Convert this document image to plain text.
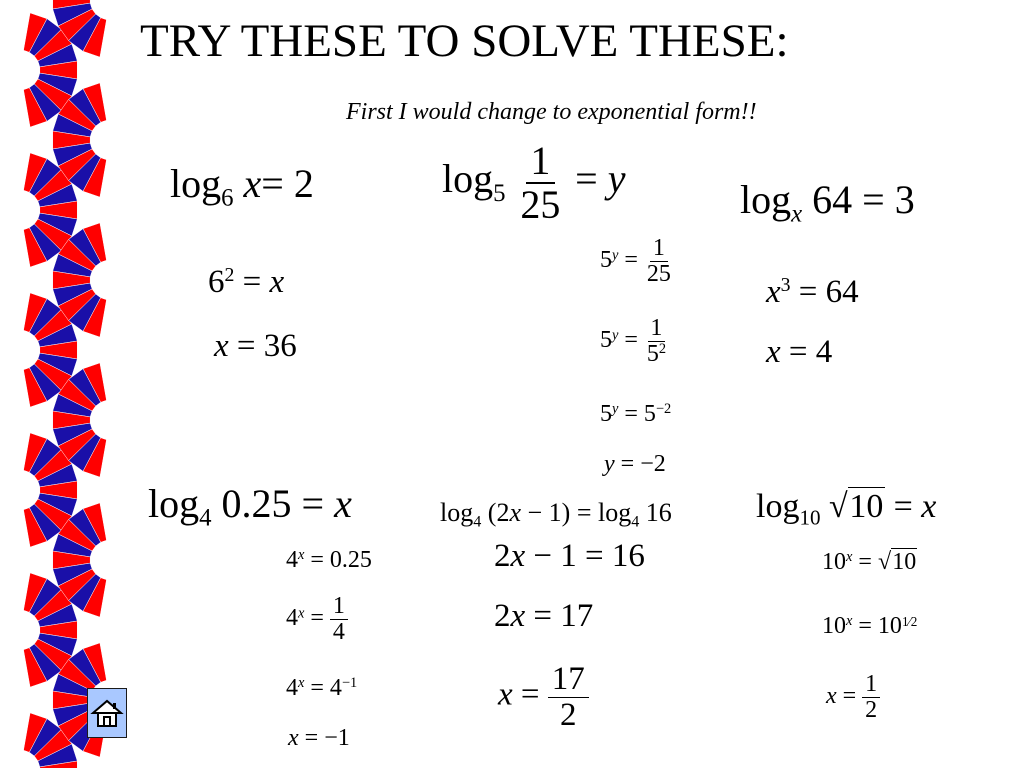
TRY THESE TO SOLVE THESE:
First I would change to exponential form!!
$\log_6 x= 2$
$6^2 = x$
x = 36
$\log_5 \frac{1}{25} = y$
$5^y = \frac{1}{25}$
$5^y = \frac{1}{5^2}$
$5^y = 5^{-2}$
y = −2
$\log_x 64 = 3$
$x^3 = 64$
x = 4
$\log_4 0.25 = x$
$4^x = 0.25$
$4^x = \frac{1}{4}$
$4^x = 4^{-1}$
x = −1
$\log_4 (2x - 1) = \log_4 16$
2x − 1 = 16
2x = 17
$x = \frac{17}{2}$
$\log_{10} √10 = x$
$10^x = √10$
$10^x = 10^{1⁄2}$
$x = \frac{1}{2}$
